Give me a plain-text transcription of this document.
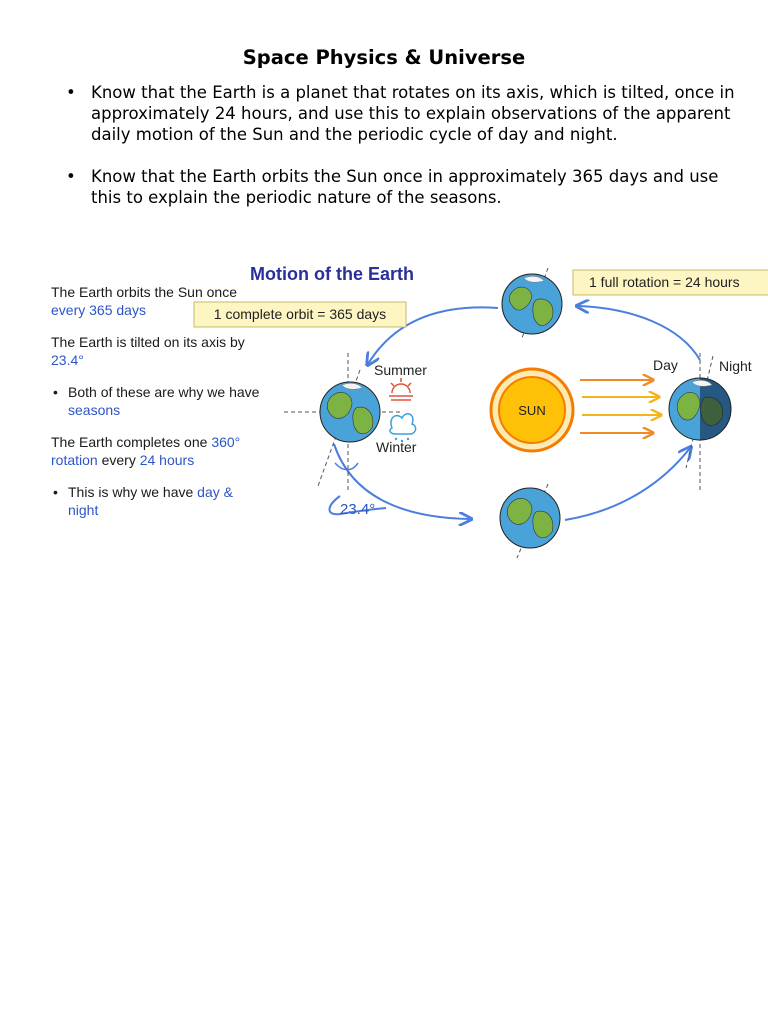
Space Physics & Universe
• Know that the Earth is a planet that rotates on its axis, which is tilted, once in approximately 24 hours, and use this to explain observations of the apparent daily motion of the Sun and the periodic cycle of day and night.
• Know that the Earth orbits the Sun once in approximately 365 days and use this to explain the periodic nature of the seasons.

The Earth orbits the Sun once
every 365 days

The Earth is tilted on its axis by
23.4°

• Both of these are why we have seasons

The Earth completes one 360°
rotation every 24 hours

• This is why we have day &
night

Motion of the Earth
1 complete orbit = 365 days
1 full rotation = 24 hours
23.4°
Summer
Winter
SUN
Day	Night
